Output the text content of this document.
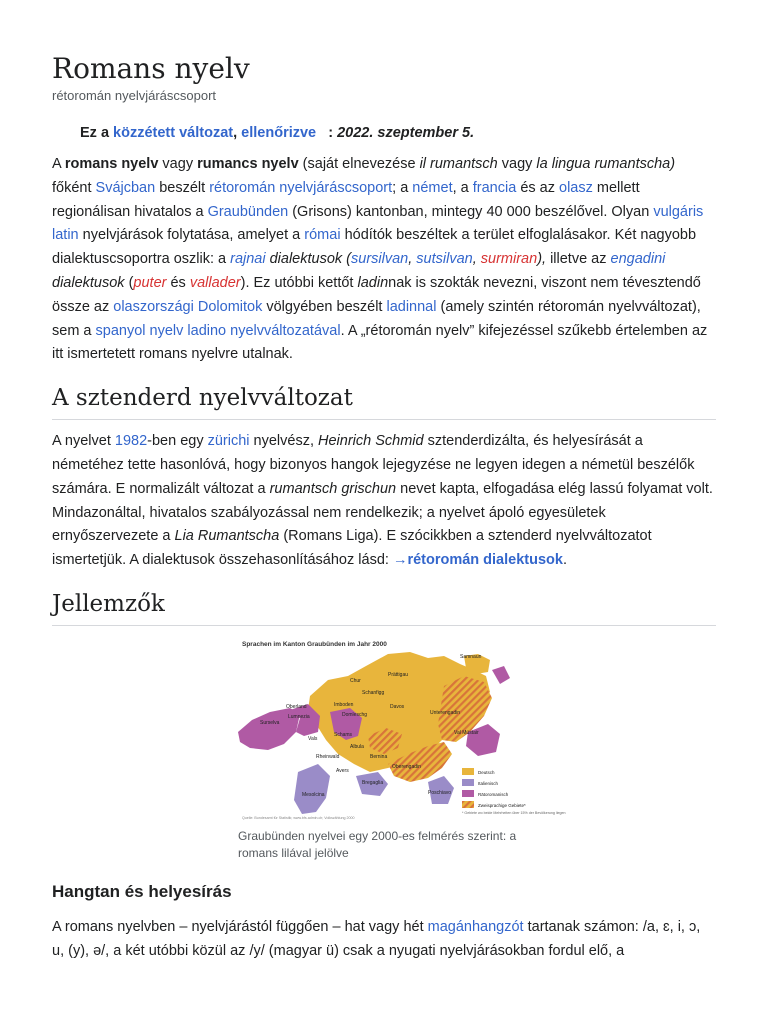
Romans nyelv
rétoromán nyelvjáráscsoport
Ez a közzétett változat, ellenőrizve : 2022. szeptember 5.

A romans nyelv vagy rumancs nyelv (saját elnevezése il rumantsch vagy la lingua rumantscha) főként Svájcban beszélt rétoromán nyelvjáráscsoport; a német, a francia és az olasz mellett regionálisan hivatalos a Graubünden (Grisons) kantonban, mintegy 40 000 beszélővel. Olyan vulgáris latin nyelvjárások folytatása, amelyet a római hódítók beszéltek a terület elfoglalásakor. Két nagyobb dialektuscsoportra oszlik: a rajnai dialektusok (sursilvan, sutsilvan, surmiran), illetve az engadini dialektusok (puter és vallader). Ez utóbbi kettőt ladinnak is szokták nevezni, viszont nem tévesztendő össze az olaszországi Dolomitok völgyében beszélt ladinnal (amely szintén rétoromán nyelvváltozat), sem a spanyol nyelv ladino nyelvváltozatával. A „rétoromán nyelv” kifejezéssel szűkebb értelemben az itt ismertetett romans nyelvre utalnak.

A sztenderd nyelvváltozat

A nyelvet 1982-ben egy zürichi nyelvész, Heinrich Schmid sztenderdizálta, és helyesírását a németéhez tette hasonlóvá, hogy bizonyos hangok lejegyzése ne legyen idegen a németül beszélők számára. E normalizált változat a rumantsch grischun nevet kapta, elfogadása elég lassú folyamat volt. Mindazonáltal, hivatalos szabályozással nem rendelkezik; a nyelvet ápoló egyesületek ernyőszervezete a Lia Rumantscha (Romans Liga). E szócikkben a sztenderd nyelvváltozatot ismertetjük. A dialektusok összehasonlításához lásd: →rétoromán dialektusok.

Jellemzők
Sprachen im Kanton Graubünden im Jahr 2000
Samnaun
Chur
Prättigau
Schanfigg
Oberland
Surselva
Imboden
Domleschg
Davos
Unterengadin
Lumnezia
Vals
Schams
Albula
Val Müstair
Rheinwald
Oberengadin
Avers
Bregaglia
Bernina
Mesolcina	Poschiavo
Deutsch
Italienisch
Rätoromanisch
Zweisprachige Gebiete*
* Gebiete wo beide Mehrheiten über 15% der Bevölkerung liegen
Quelle: Bundesamt für Statistik; www.bfs.admin.ch; Volkszählung 2000
Graubünden nyelvei egy 2000-es felmérés szerint: a romans lilával jelölve
Hangtan és helyesírás

A romans nyelvben – nyelvjárástól függően – hat vagy hét magánhangzót tartanak számon: /a, ɛ, i, ɔ, u, (y), ə/, a két utóbbi közül az /y/ (magyar ü) csak a nyugati nyelvjárásokban fordul elő, a
